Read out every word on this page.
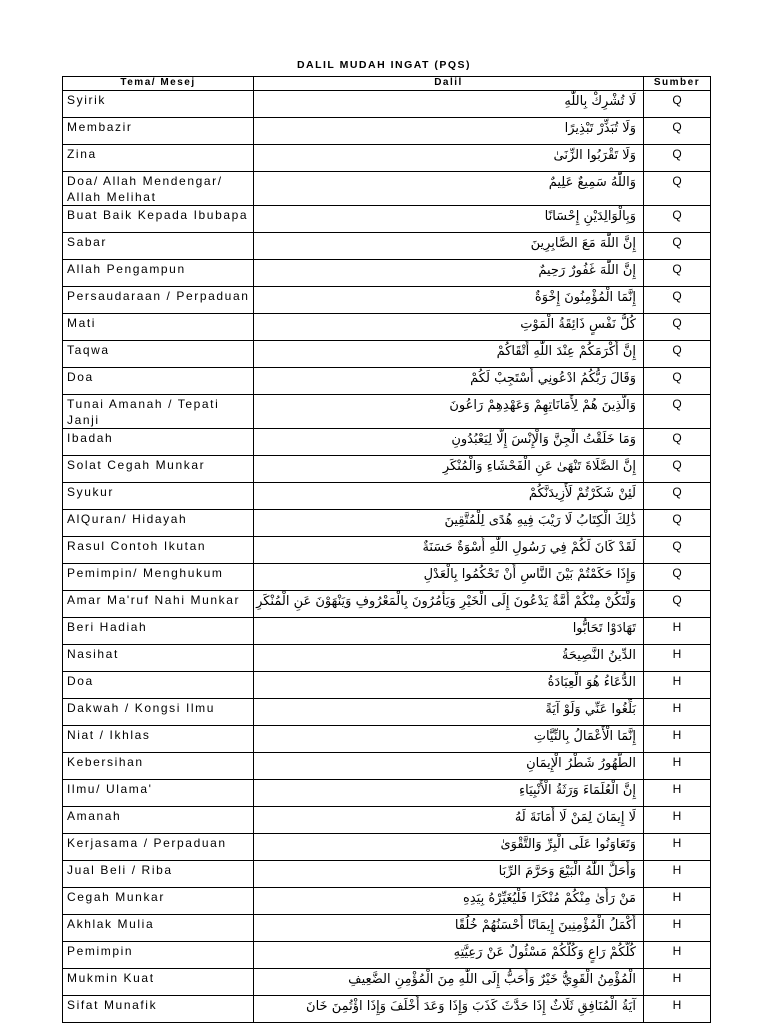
DALIL MUDAH INGAT (PQS)
Tema/ Mesej	Dalil	Sumber
Syirik	لَا تُشْرِكْ بِاللّٰهِ	Q
Membazir	وَلَا تُبَذِّرْ تَبْذِيرًا	Q
Zina	وَلَا تَقْرَبُوا الزِّنَىٰ	Q
Doa/ Allah Mendengar/
Allah Melihat	وَاللّٰهُ سَمِيعٌ عَلِيمٌ	Q
Buat Baik Kepada Ibubapa	وَبِالْوَالِدَيْنِ إِحْسَانًا	Q
Sabar	إِنَّ اللّٰهَ مَعَ الصَّابِرِينَ	Q
Allah Pengampun	إِنَّ اللّٰهَ غَفُورٌ رَحِيمٌ	Q
Persaudaraan / Perpaduan	إِنَّمَا الْمُؤْمِنُونَ إِخْوَةٌ	Q
Mati	كُلُّ نَفْسٍ ذَائِقَةُ الْمَوْتِ	Q
Taqwa	إِنَّ أَكْرَمَكُمْ عِنْدَ اللّٰهِ أَتْقَاكُمْ	Q
Doa	وَقَالَ رَبُّكُمُ ادْعُونِي أَسْتَجِبْ لَكُمْ	Q
Tunai Amanah / Tepati
Janji	وَالَّذِينَ هُمْ لِأَمَانَاتِهِمْ وَعَهْدِهِمْ رَاعُونَ	Q
Ibadah	وَمَا خَلَقْتُ الْجِنَّ وَالْإِنْسَ إِلَّا لِيَعْبُدُونِ	Q
Solat Cegah Munkar	إِنَّ الصَّلَاةَ تَنْهَىٰ عَنِ الْفَحْشَاءِ وَالْمُنْكَرِ	Q
Syukur	لَئِنْ شَكَرْتُمْ لَأَزِيدَنَّكُمْ	Q
AlQuran/ Hidayah	ذَٰلِكَ الْكِتَابُ لَا رَيْبَ فِيهِ هُدًى لِلْمُتَّقِينَ	Q
Rasul Contoh Ikutan	لَقَدْ كَانَ لَكُمْ فِي رَسُولِ اللّٰهِ أُسْوَةٌ حَسَنَةٌ	Q
Pemimpin/ Menghukum	وَإِذَا حَكَمْتُمْ بَيْنَ النَّاسِ أَنْ تَحْكُمُوا بِالْعَدْلِ	Q
Amar Ma'ruf Nahi Munkar	وَلْتَكُنْ مِنْكُمْ أُمَّةٌ يَدْعُونَ إِلَى الْخَيْرِ وَيَأْمُرُونَ بِالْمَعْرُوفِ وَيَنْهَوْنَ عَنِ الْمُنْكَرِ	Q
Beri Hadiah	تَهَادَوْا تَحَابُّوا	H
Nasihat	الدِّينُ النَّصِيحَةُ	H
Doa	الدُّعَاءُ هُوَ الْعِبَادَةُ	H
Dakwah / Kongsi Ilmu	بَلِّغُوا عَنِّي وَلَوْ آيَةً	H
Niat / Ikhlas	إِنَّمَا الْأَعْمَالُ بِالنِّيَّاتِ	H
Kebersihan	الطُّهُورُ شَطْرُ الْإِيمَانِ	H
Ilmu/ Ulama'	إِنَّ الْعُلَمَاءَ وَرَثَةُ الْأَنْبِيَاءِ	H
Amanah	لَا إِيمَانَ لِمَنْ لَا أَمَانَةَ لَهُ	H
Kerjasama / Perpaduan	وَتَعَاوَنُوا عَلَى الْبِرِّ وَالتَّقْوَىٰ	H
Jual Beli / Riba	وَأَحَلَّ اللّٰهُ الْبَيْعَ وَحَرَّمَ الرِّبَا	H
Cegah Munkar	مَنْ رَأَىٰ مِنْكُمْ مُنْكَرًا فَلْيُغَيِّرْهُ بِيَدِهِ	H
Akhlak Mulia	أَكْمَلُ الْمُؤْمِنِينَ إِيمَانًا أَحْسَنُهُمْ خُلُقًا	H
Pemimpin	كُلُّكُمْ رَاعٍ وَكُلُّكُمْ مَسْئُولٌ عَنْ رَعِيَّتِهِ	H
Mukmin Kuat	الْمُؤْمِنُ الْقَوِيُّ خَيْرٌ وَأَحَبُّ إِلَى اللّٰهِ مِنَ الْمُؤْمِنِ الضَّعِيفِ	H
Sifat Munafik	آيَةُ الْمُنَافِقِ ثَلَاثٌ إِذَا حَدَّثَ كَذَبَ وَإِذَا وَعَدَ أَخْلَفَ وَإِذَا اؤْتُمِنَ خَانَ	H
